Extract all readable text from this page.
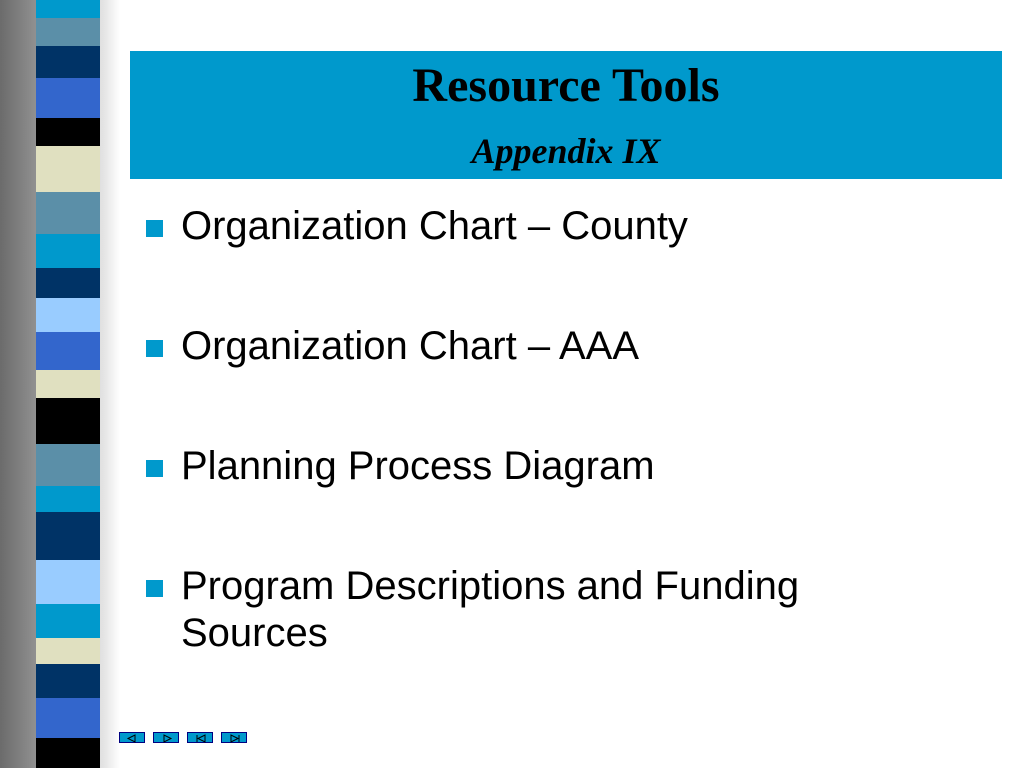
Resource Tools
Appendix IX
Organization Chart – County
Organization Chart – AAA
Planning Process Diagram
Program Descriptions and Funding Sources
